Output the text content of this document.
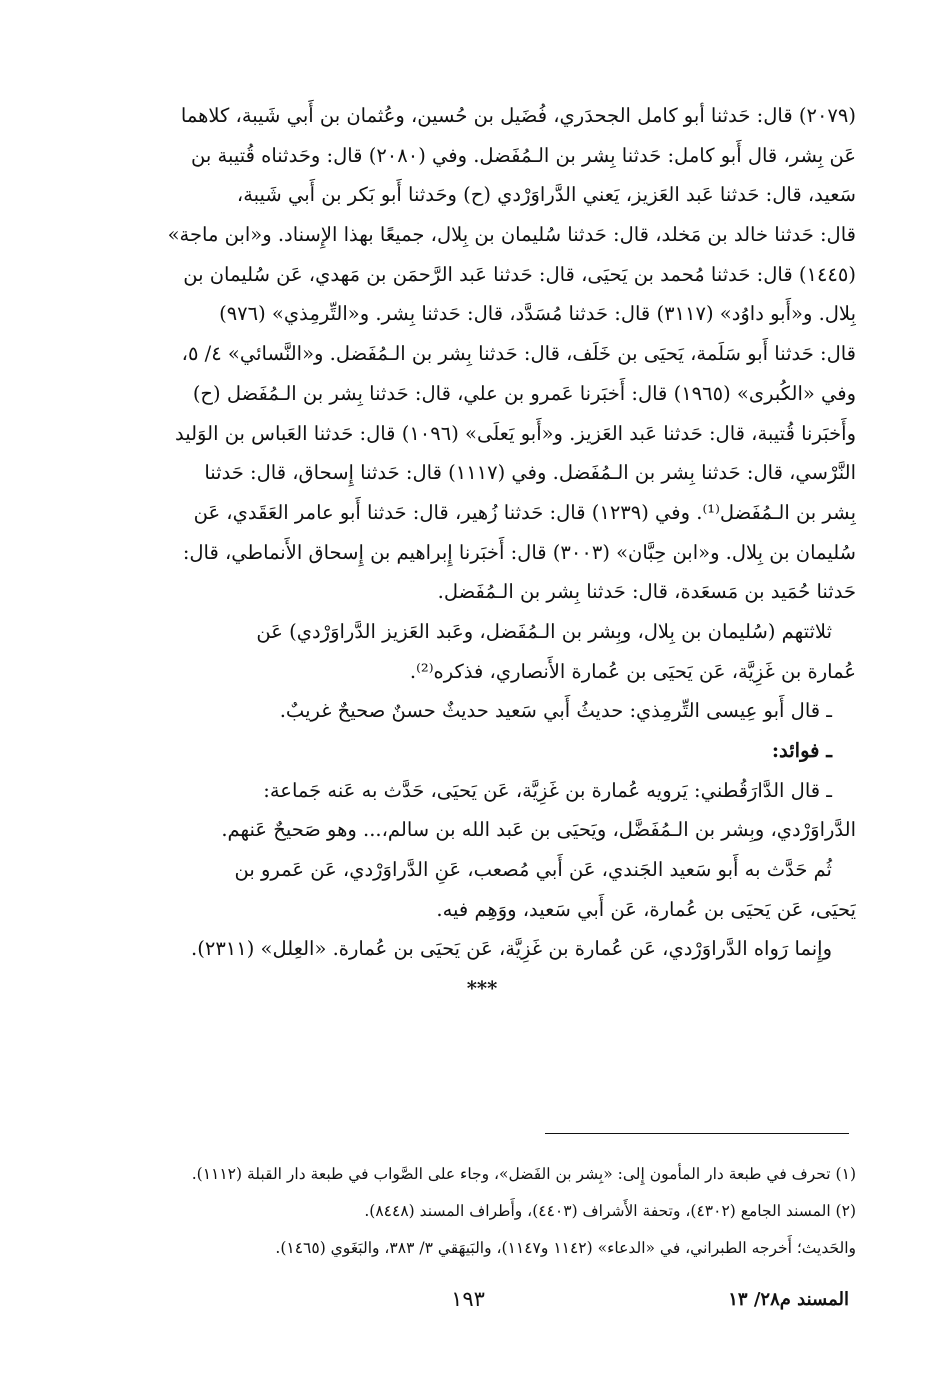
(٢٠٧٩) قال: حَدثنا أبو كامل الجحدَري، فُضَيل بن حُسين، وعُثمان بن أَبي شَيبة، كلاهما
عَن بِشر، قال أَبو كامل: حَدثنا بِشر بن الـمُفَضل. وفي (٢٠٨٠) قال: وحَدثناه قُتيبة بن
سَعيد، قال: حَدثنا عَبد العَزيز، يَعني الدَّراوَرْدي (ح) وحَدثنا أَبو بَكر بن أَبي شَيبة،
قال: حَدثنا خالد بن مَخلد، قال: حَدثنا سُليمان بن بِلال، جميعًا بهذا الإِسناد. و«ابن ماجة»
(١٤٤٥) قال: حَدثنا مُحمد بن يَحيَى، قال: حَدثنا عَبد الرَّحمَن بن مَهدي، عَن سُليمان بن
بِلال. و«أَبو داوُد» (٣١١٧) قال: حَدثنا مُسَدَّد، قال: حَدثنا بِشر. و«التِّرمِذي» (٩٧٦)
قال: حَدثنا أَبو سَلَمة، يَحيَى بن خَلَف، قال: حَدثنا بِشر بن الـمُفَضل. و«النَّسائي» ٤/ ٥،
وفي «الكُبرى» (١٩٦٥) قال: أَخبَرنا عَمرو بن علي، قال: حَدثنا بِشر بن الـمُفَضل (ح)
وأَخبَرنا قُتيبة، قال: حَدثنا عَبد العَزيز. و«أَبو يَعلَى» (١٠٩٦) قال: حَدثنا العَباس بن الوَليد
النَّرْسي، قال: حَدثنا بِشر بن الـمُفَضل. وفي (١١١٧) قال: حَدثنا إِسحاق، قال: حَدثنا
بِشر بن الـمُفَضل⁽¹⁾. وفي (١٢٣٩) قال: حَدثنا زُهير، قال: حَدثنا أَبو عامر العَقَدي، عَن
سُليمان بن بِلال. و«ابن حِبَّان» (٣٠٠٣) قال: أَخبَرنا إِبراهيم بن إِسحاق الأَنماطي، قال:
حَدثنا حُمَيد بن مَسعَدة، قال: حَدثنا بِشر بن الـمُفَضل.
ثلاثتهم (سُليمان بن بِلال، وبِشر بن الـمُفَضل، وعَبد العَزيز الدَّراوَرْدي) عَن
عُمارة بن غَزِيَّة، عَن يَحيَى بن عُمارة الأَنصاري، فذكره⁽²⁾.
ـ قال أَبو عِيسى التِّرمِذي: حديثُ أَبي سَعيد حديثٌ حسنٌ صحيحٌ غريبٌ.
ـ فوائد:
ـ قال الدَّارَقُطني: يَرويه عُمارة بن غَزِيَّة، عَن يَحيَى، حَدَّث به عَنه جَماعة:
الدَّراوَرْدي، وبِشر بن الـمُفَضَّل، ويَحيَى بن عَبد الله بن سالم،... وهو صَحيحٌ عَنهم.
ثُم حَدَّث به أَبو سَعيد الجَندي، عَن أَبي مُصعب، عَنِ الدَّراوَرْدي، عَن عَمرو بن
يَحيَى، عَن يَحيَى بن عُمارة، عَن أَبي سَعيد، ووَهِم فيه.
وإِنما رَواه الدَّراوَرْدي، عَن عُمارة بن غَزِيَّة، عَن يَحيَى بن عُمارة. «العِلل» (٢٣١١).
***
(١) تحرف في طبعة دار المأمون إِلى: «بِشر بن الفَضل»، وجاء على الصَّواب في طبعة دار القبلة (١١١٢).
(٢) المسند الجامع (٤٣٠٢)، وتحفة الأَشراف (٤٤٠٣)، وأَطراف المسند (٨٤٤٨).
والحَديث؛ أَخرجه الطبراني، في «الدعاء» (١١٤٢ و١١٤٧)، والبَيهَقي ٣/ ٣٨٣، والبَغَوي (١٤٦٥).
١٩٣	المسند م٢٨/ ١٣
